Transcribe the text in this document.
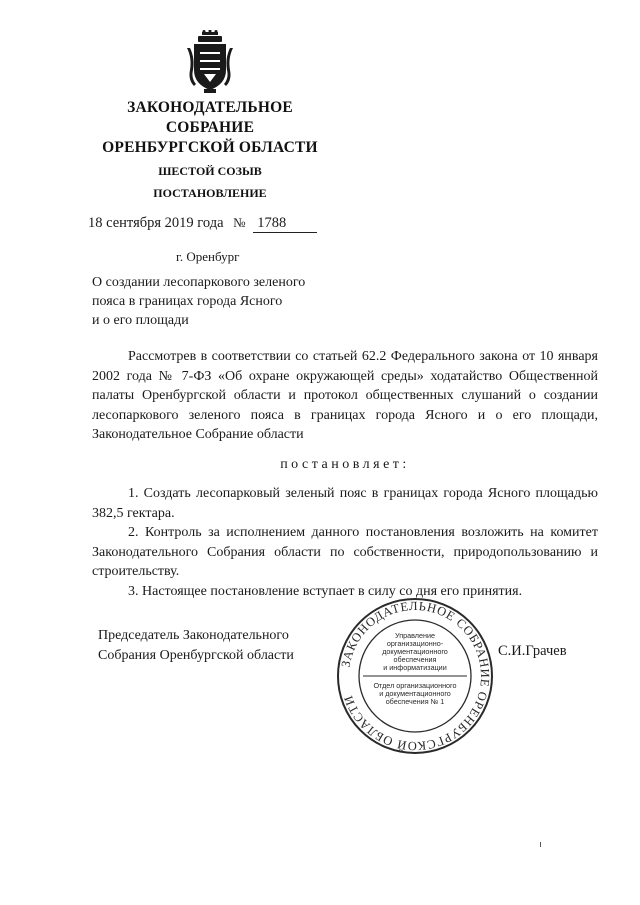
ЗАКОНОДАТЕЛЬНОЕ
СОБРАНИЕ
ОРЕНБУРГСКОЙ ОБЛАСТИ
ШЕСТОЙ СОЗЫВ
ПОСТАНОВЛЕНИЕ
18 сентября 2019 года № 1788
г. Оренбург
О создании лесопаркового зеленого
пояса в границах города Ясного
и о его площади

Рассмотрев в соответствии со статьей 62.2 Федерального закона от 10 января 2002 года № 7-ФЗ «Об охране окружающей среды» ходатайство Общественной палаты Оренбургской области и протокол общественных слушаний о создании лесопаркового зеленого пояса в границах города Ясного и о его площади, Законодательное Собрание области

постановляет:

1. Создать лесопарковый зеленый пояс в границах города Ясного площадью 382,5 гектара.

2. Контроль за исполнением данного постановления возложить на комитет Законодательного Собрания области по собственности, природопользованию и строительству.

3. Настоящее постановление вступает в силу со дня его принятия.

Председатель Законодательного
Собрания Оренбургской области
ЗАКОНОДАТЕЛЬНОЕ СОБРАНИЕ ОРЕНБУРГСКОЙ ОБЛАСТИ
Управление
организационно-
документационного
обеспечения
и информатизации
Отдел организационного
и документационного
обеспечения № 1
С.И.Грачев
